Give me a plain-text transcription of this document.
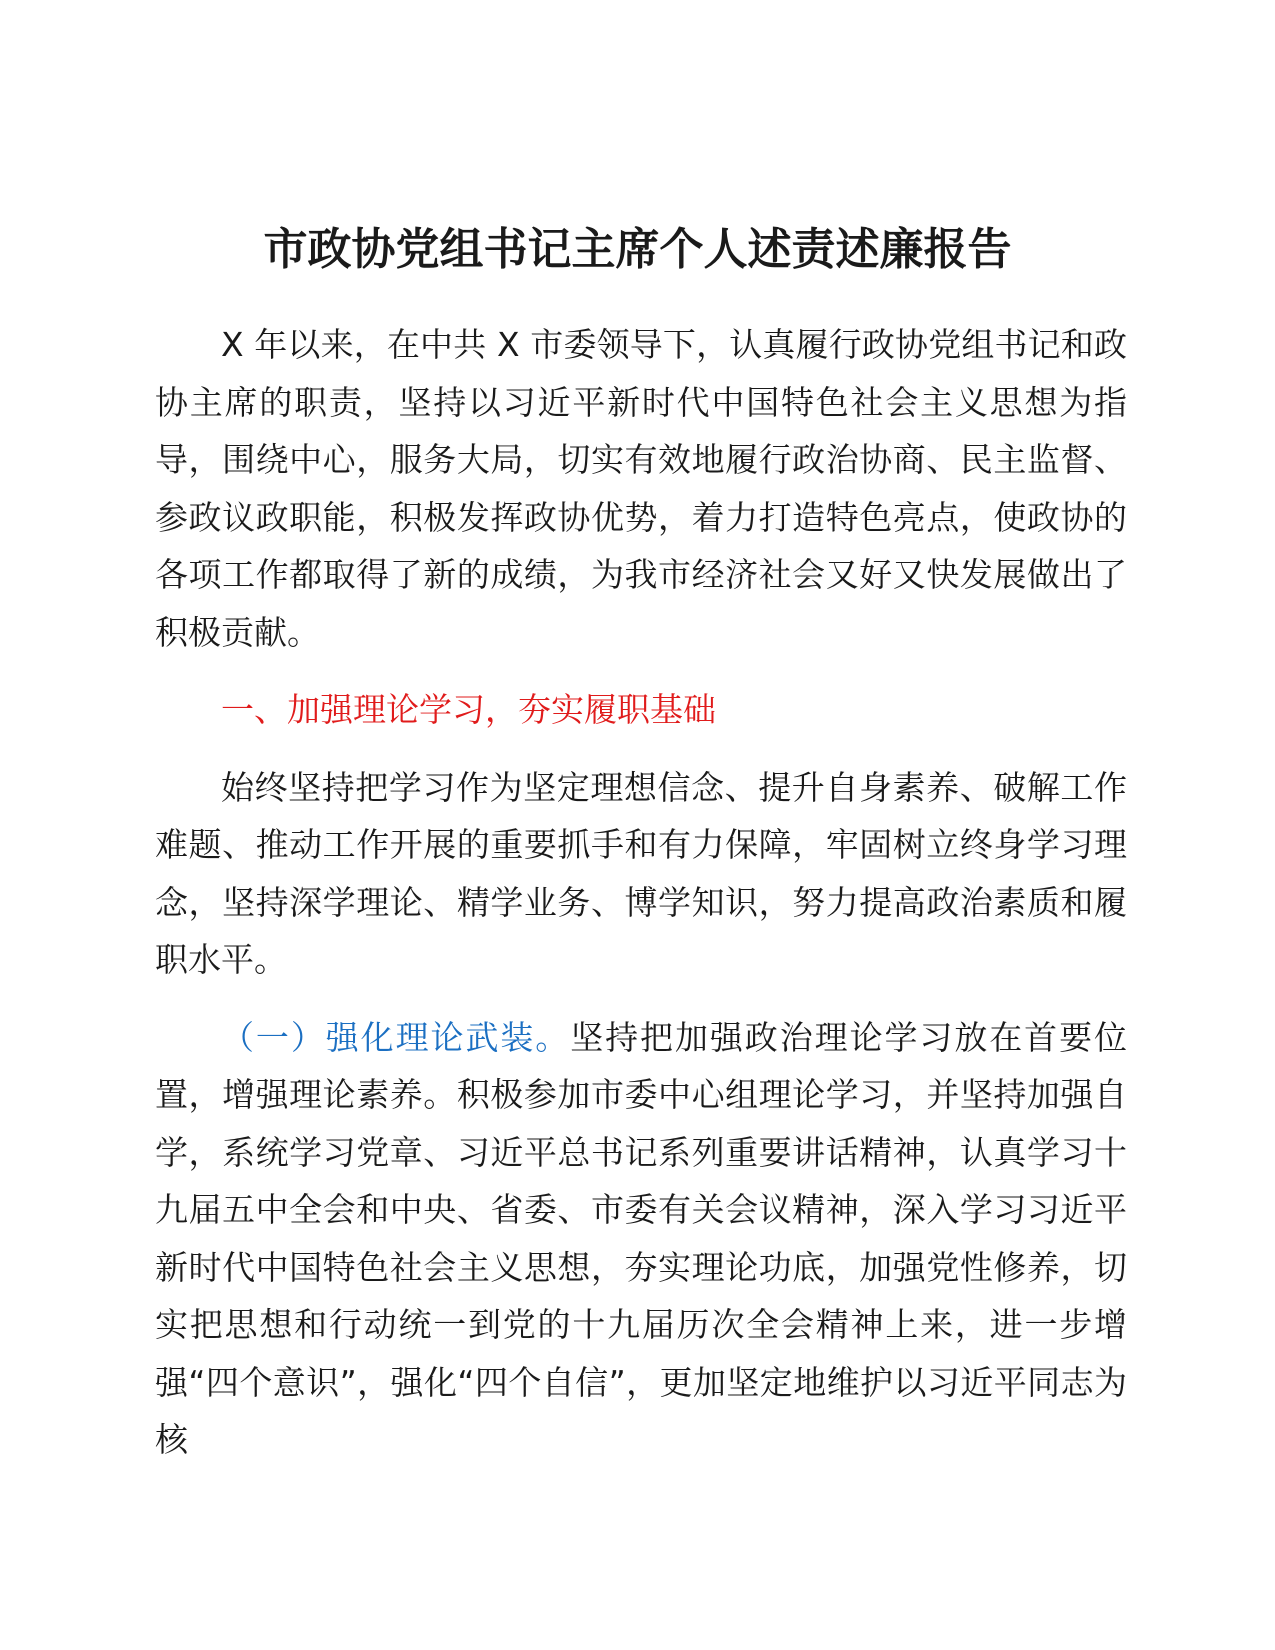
市政协党组书记主席个人述责述廉报告

X 年以来，在中共 X 市委领导下，认真履行政协党组书记和政协主席的职责，坚持以习近平新时代中国特色社会主义思想为指导，围绕中心，服务大局，切实有效地履行政治协商、民主监督、参政议政职能，积极发挥政协优势，着力打造特色亮点，使政协的各项工作都取得了新的成绩，为我市经济社会又好又快发展做出了积极贡献。

一、加强理论学习，夯实履职基础

始终坚持把学习作为坚定理想信念、提升自身素养、破解工作难题、推动工作开展的重要抓手和有力保障，牢固树立终身学习理念，坚持深学理论、精学业务、博学知识，努力提高政治素质和履职水平。

（一）强化理论武装。坚持把加强政治理论学习放在首要位置，增强理论素养。积极参加市委中心组理论学习，并坚持加强自学，系统学习党章、习近平总书记系列重要讲话精神，认真学习十九届五中全会和中央、省委、市委有关会议精神，深入学习习近平新时代中国特色社会主义思想，夯实理论功底，加强党性修养，切实把思想和行动统一到党的十九届历次全会精神上来，进一步增强“四个意识”，强化“四个自信”，更加坚定地维护以习近平同志为核
